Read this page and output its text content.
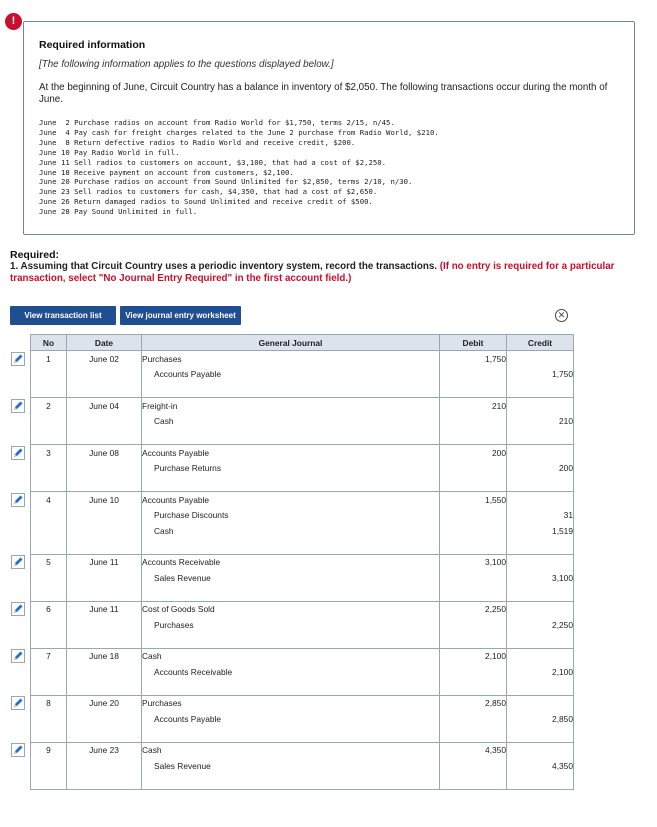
!
Required information
[The following information applies to the questions displayed below.]
At the beginning of June, Circuit Country has a balance in inventory of $2,050. The following transactions occur during the month of June.
June  2 Purchase radios on account from Radio World for $1,750, terms 2/15, n/45.
June  4 Pay cash for freight charges related to the June 2 purchase from Radio World, $210.
June  8 Return defective radios to Radio World and receive credit, $200.
June 10 Pay Radio World in full.
June 11 Sell radios to customers on account, $3,100, that had a cost of $2,250.
June 18 Receive payment on account from customers, $2,100.
June 20 Purchase radios on account from Sound Unlimited for $2,850, terms 2/10, n/30.
June 23 Sell radios to customers for cash, $4,350, that had a cost of $2,650.
June 26 Return damaged radios to Sound Unlimited and receive credit of $500.
June 28 Pay Sound Unlimited in full.
Required:
1. Assuming that Circuit Country uses a periodic inventory system, record the transactions. (If no entry is required for a particular transaction, select "No Journal Entry Required" in the first account field.)
View transaction list	View journal entry worksheet	✕
No	Date	General Journal	Debit	Credit
1	June 02	Purchases	1,750	
		Accounts Payable		1,750

2	June 04	Freight-in	210	
		Cash		210

3	June 08	Accounts Payable	200	
		Purchase Returns		200

4	June 10	Accounts Payable	1,550	
		Purchase Discounts		31
		Cash		1,519

5	June 11	Accounts Receivable	3,100	
		Sales Revenue		3,100

6	June 11	Cost of Goods Sold	2,250	
		Purchases		2,250

7	June 18	Cash	2,100	
		Accounts Receivable		2,100

8	June 20	Purchases	2,850	
		Accounts Payable		2,850

9	June 23	Cash	4,350	
		Sales Revenue		4,350
